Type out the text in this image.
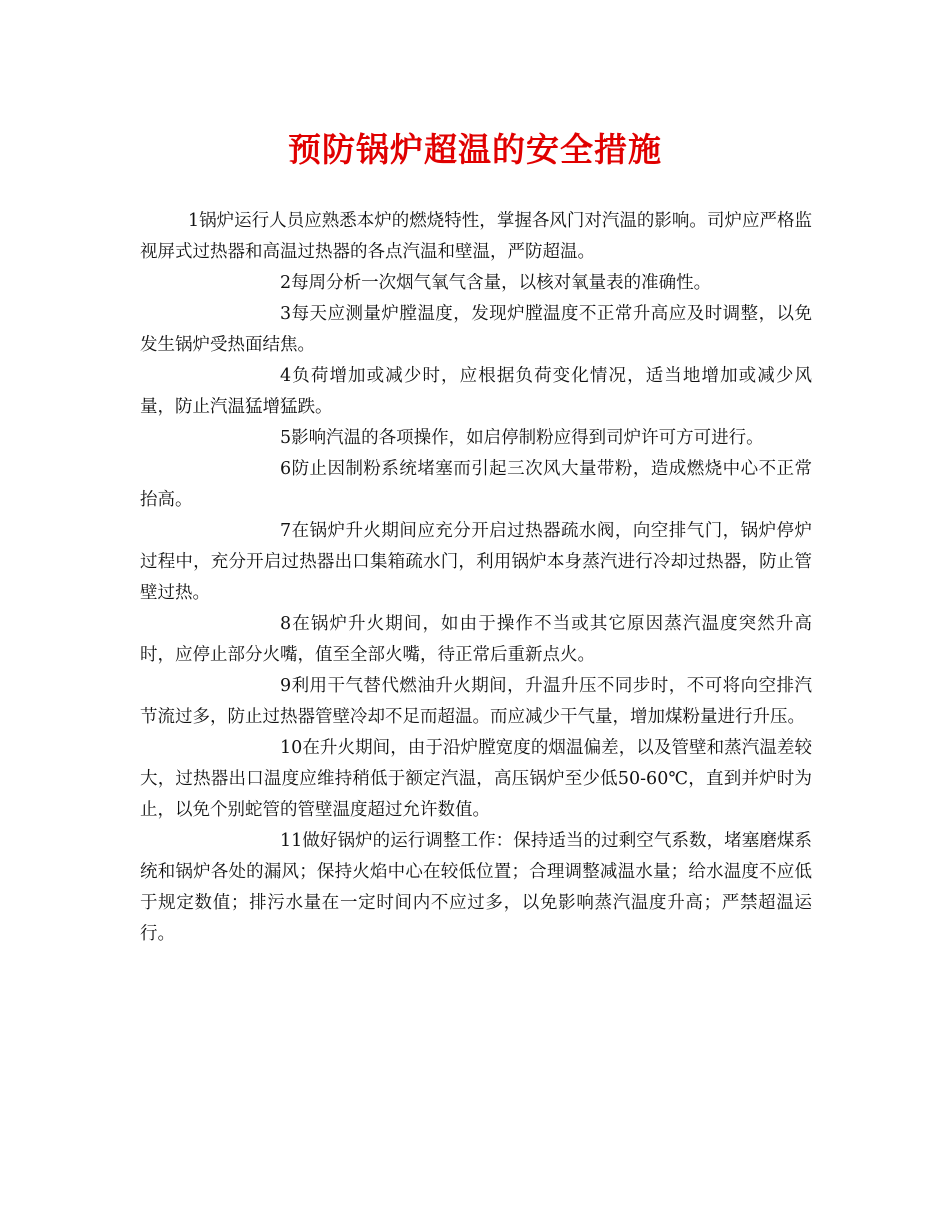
预防锅炉超温的安全措施

1锅炉运行人员应熟悉本炉的燃烧特性，掌握各风门对汽温的影响。司炉应严格监视屏式过热器和高温过热器的各点汽温和壁温，严防超温。

2每周分析一次烟气氧气含量，以核对氧量表的准确性。

3每天应测量炉膛温度，发现炉膛温度不正常升高应及时调整，以免发生锅炉受热面结焦。

4负荷增加或减少时，应根据负荷变化情况，适当地增加或减少风量，防止汽温猛增猛跌。

5影响汽温的各项操作，如启停制粉应得到司炉许可方可进行。

6防止因制粉系统堵塞而引起三次风大量带粉，造成燃烧中心不正常抬高。

7在锅炉升火期间应充分开启过热器疏水阀，向空排气门，锅炉停炉过程中，充分开启过热器出口集箱疏水门，利用锅炉本身蒸汽进行冷却过热器，防止管壁过热。

8在锅炉升火期间，如由于操作不当或其它原因蒸汽温度突然升高时，应停止部分火嘴，值至全部火嘴，待正常后重新点火。

9利用干气替代燃油升火期间，升温升压不同步时，不可将向空排汽节流过多，防止过热器管壁冷却不足而超温。而应减少干气量，增加煤粉量进行升压。

10在升火期间，由于沿炉膛宽度的烟温偏差，以及管壁和蒸汽温差较大，过热器出口温度应维持稍低于额定汽温，高压锅炉至少低50-60℃，直到并炉时为止，以免个别蛇管的管壁温度超过允许数值。

11做好锅炉的运行调整工作：保持适当的过剩空气系数，堵塞磨煤系统和锅炉各处的漏风；保持火焰中心在较低位置；合理调整减温水量；给水温度不应低于规定数值；排污水量在一定时间内不应过多，以免影响蒸汽温度升高；严禁超温运行。
